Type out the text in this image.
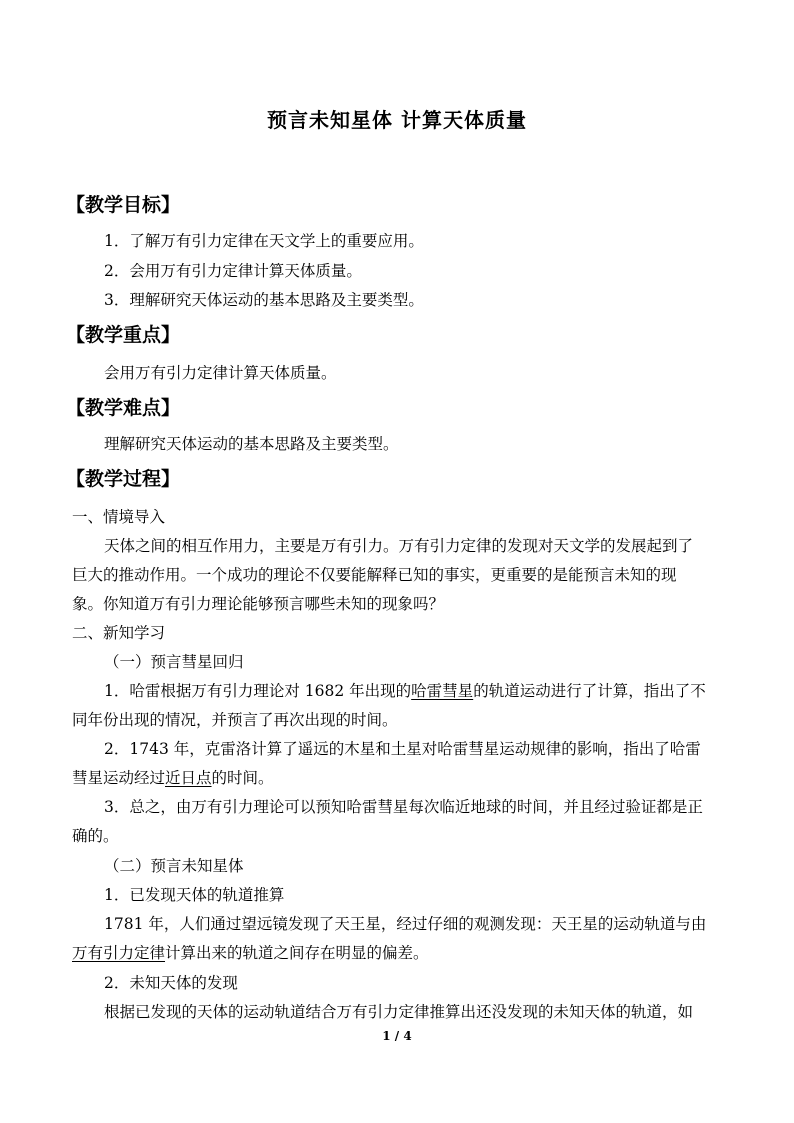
预言未知星体 计算天体质量
【教学目标】
1．了解万有引力定律在天文学上的重要应用。
2．会用万有引力定律计算天体质量。
3．理解研究天体运动的基本思路及主要类型。
【教学重点】
会用万有引力定律计算天体质量。
【教学难点】
理解研究天体运动的基本思路及主要类型。
【教学过程】
一、情境导入
天体之间的相互作用力，主要是万有引力。万有引力定律的发现对天文学的发展起到了
巨大的推动作用。一个成功的理论不仅要能解释已知的事实，更重要的是能预言未知的现
象。你知道万有引力理论能够预言哪些未知的现象吗？
二、新知学习
（一）预言彗星回归
1．哈雷根据万有引力理论对 1682 年出现的哈雷彗星的轨道运动进行了计算，指出了不
同年份出现的情况，并预言了再次出现的时间。
2．1743 年，克雷洛计算了遥远的木星和土星对哈雷彗星运动规律的影响，指出了哈雷
彗星运动经过近日点的时间。
3．总之，由万有引力理论可以预知哈雷彗星每次临近地球的时间，并且经过验证都是正
确的。
（二）预言未知星体
1．已发现天体的轨道推算
1781 年，人们通过望远镜发现了天王星，经过仔细的观测发现：天王星的运动轨道与由
万有引力定律计算出来的轨道之间存在明显的偏差。
2．未知天体的发现
根据已发现的天体的运动轨道结合万有引力定律推算出还没发现的未知天体的轨道，如
1 / 4
